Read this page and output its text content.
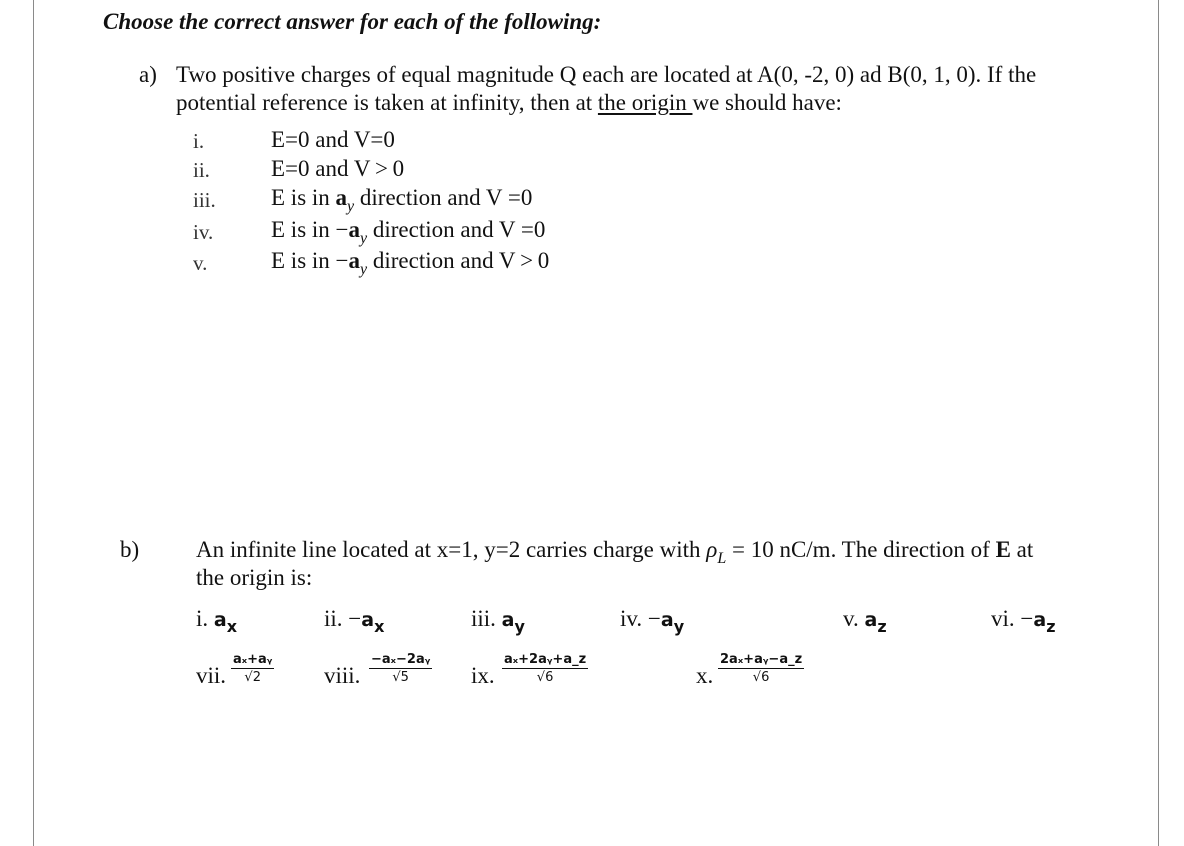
Choose the correct answer for each of the following:
a) Two positive charges of equal magnitude Q each are located at A(0, -2, 0) ad B(0, 1, 0). If the
potential reference is taken at infinity, then at the origin we should have:
i.	E=0 and V=0
ii.	E=0 and V > 0
iii. E is in $a_y$ direction and V =0
iv.	E is in $-a_y$ direction and V =0
v.	E is in $-a_y$ direction and V > 0
b) An infinite line located at x=1, y=2 carries charge with $\rho_L = 10$ nC/m. The direction of E at
the origin is:
i. $a_x$	ii. $-a_x$	iii. $a_y$	iv. $-a_y$	v. $a_z$	vi. $-a_z$
vii. $\frac{\text{aₓ+aᵧ}}{√2}$ viii. $\frac{\text{−aₓ−2aᵧ}}{√5}$ ix. $\frac{\text{aₓ+2aᵧ+a\_z}}{√6}$	x. $\frac{\text{2aₓ+aᵧ−a\_z}}{√6}$
